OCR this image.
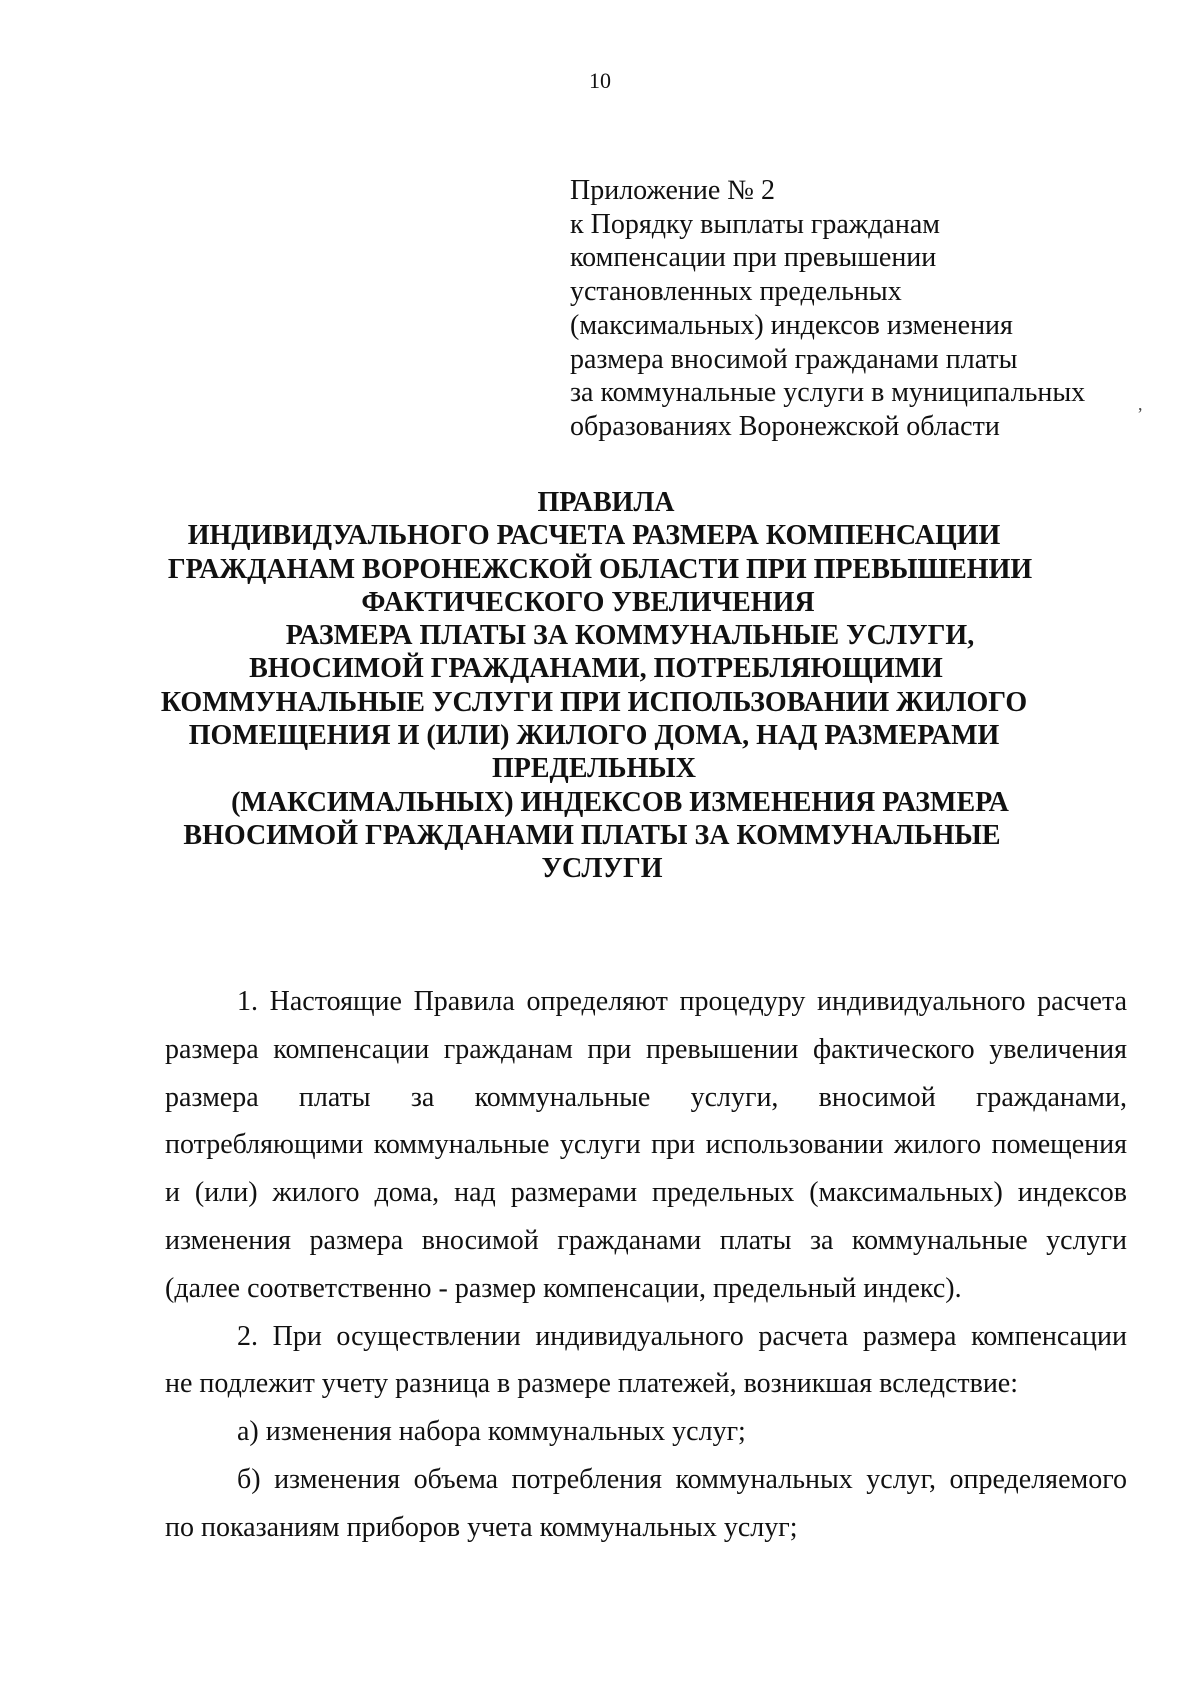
10
Приложение № 2
к Порядку выплаты гражданам
компенсации при превышении
установленных предельных
(максимальных) индексов изменения
размера вносимой гражданами платы
за коммунальные услуги в муниципальных
образованиях Воронежской области
,
ПРАВИЛА
ИНДИВИДУАЛЬНОГО РАСЧЕТА РАЗМЕРА КОМПЕНСАЦИИ
ГРАЖДАНАМ ВОРОНЕЖСКОЙ ОБЛАСТИ ПРИ ПРЕВЫШЕНИИ
ФАКТИЧЕСКОГО УВЕЛИЧЕНИЯ
РАЗМЕРА ПЛАТЫ ЗА КОММУНАЛЬНЫЕ УСЛУГИ,
ВНОСИМОЙ ГРАЖДАНАМИ, ПОТРЕБЛЯЮЩИМИ
КОММУНАЛЬНЫЕ УСЛУГИ ПРИ ИСПОЛЬЗОВАНИИ ЖИЛОГО
ПОМЕЩЕНИЯ И (ИЛИ) ЖИЛОГО ДОМА, НАД РАЗМЕРАМИ
ПРЕДЕЛЬНЫХ
(МАКСИМАЛЬНЫХ) ИНДЕКСОВ ИЗМЕНЕНИЯ РАЗМЕРА
ВНОСИМОЙ ГРАЖДАНАМИ ПЛАТЫ ЗА КОММУНАЛЬНЫЕ
УСЛУГИ
1. Настоящие Правила определяют процедуру индивидуального расчета
размера компенсации гражданам при превышении фактического увеличения
размера платы за коммунальные услуги, вносимой гражданами,
потребляющими коммунальные услуги при использовании жилого помещения
и (или) жилого дома, над размерами предельных (максимальных) индексов
изменения размера вносимой гражданами платы за коммунальные услуги
(далее соответственно - размер компенсации, предельный индекс).
2. При осуществлении индивидуального расчета размера компенсации
не подлежит учету разница в размере платежей, возникшая вследствие:
а) изменения набора коммунальных услуг;
б) изменения объема потребления коммунальных услуг, определяемого
по показаниям приборов учета коммунальных услуг;
